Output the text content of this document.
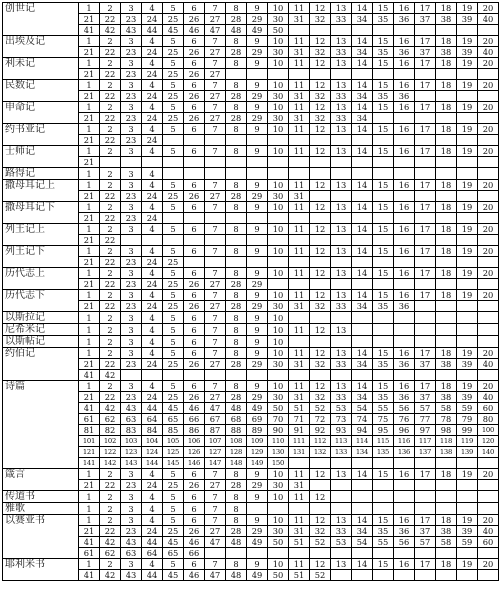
创世记	1	2	3	4	5	6	7	8	9	10	11	12	13	14	15	16	17	18	19	20
	21	22	23	24	25	26	27	28	29	30	31	32	33	34	35	36	37	38	39	40
	41	42	43	44	45	46	47	48	49	50										
出埃及记	1	2	3	4	5	6	7	8	9	10	11	12	13	14	15	16	17	18	19	20
	21	22	23	24	25	26	27	28	29	30	31	32	33	34	35	36	37	38	39	40
利未记	1	2	3	4	5	6	7	8	9	10	11	12	13	14	15	16	17	18	19	20
	21	22	23	24	25	26	27													
民数记	1	2	3	4	5	6	7	8	9	10	11	12	13	14	15	16	17	18	19	20
	21	22	23	24	25	26	27	28	29	30	31	32	33	34	35	36				
申命记	1	2	3	4	5	6	7	8	9	10	11	12	13	14	15	16	17	18	19	20
	21	22	23	24	25	26	27	28	29	30	31	32	33	34						
约书亚记	1	2	3	4	5	6	7	8	9	10	11	12	13	14	15	16	17	18	19	20
	21	22	23	24																
士师记	1	2	3	4	5	6	7	8	9	10	11	12	13	14	15	16	17	18	19	20
	21																			
路得记	1	2	3	4																
撒母耳记上	1	2	3	4	5	6	7	8	9	10	11	12	13	14	15	16	17	18	19	20
	21	22	23	24	25	26	27	28	29	30	31									
撒母耳记下	1	2	3	4	5	6	7	8	9	10	11	12	13	14	15	16	17	18	19	20
	21	22	23	24																
列王记上	1	2	3	4	5	6	7	8	9	10	11	12	13	14	15	16	17	18	19	20
	21	22																		
列王记下	1	2	3	4	5	6	7	8	9	10	11	12	13	14	15	16	17	18	19	20
	21	22	23	24	25															
历代志上	1	2	3	4	5	6	7	8	9	10	11	12	13	14	15	16	17	18	19	20
	21	22	23	24	25	26	27	28	29											
历代志下	1	2	3	4	5	6	7	8	9	10	11	12	13	14	15	16	17	18	19	20
	21	22	23	24	25	26	27	28	29	30	31	32	33	34	35	36				
以斯拉记	1	2	3	4	5	6	7	8	9	10										
尼希米记	1	2	3	4	5	6	7	8	9	10	11	12	13							
以斯帖记	1	2	3	4	5	6	7	8	9	10										
约伯记	1	2	3	4	5	6	7	8	9	10	11	12	13	14	15	16	17	18	19	20
	21	22	23	24	25	26	27	28	29	30	31	32	33	34	35	36	37	38	39	40
	41	42																		
诗篇	1	2	3	4	5	6	7	8	9	10	11	12	13	14	15	16	17	18	19	20
	21	22	23	24	25	26	27	28	29	30	31	32	33	34	35	36	37	38	39	40
	41	42	43	44	45	46	47	48	49	50	51	52	53	54	55	56	57	58	59	60
	61	62	63	64	65	66	67	68	69	70	71	72	73	74	75	76	77	78	79	80
	81	82	83	84	85	86	87	88	89	90	91	92	93	94	95	96	97	98	99	100
	101	102	103	104	105	106	107	108	109	110	111	112	113	114	115	116	117	118	119	120
	121	122	123	124	125	126	127	128	129	130	131	132	133	134	135	136	137	138	139	140
	141	142	143	144	145	146	147	148	149	150										
箴言	1	2	3	4	5	6	7	8	9	10	11	12	13	14	15	16	17	18	19	20
	21	22	23	24	25	26	27	28	29	30	31									
传道书	1	2	3	4	5	6	7	8	9	10	11	12								
雅歌	1	2	3	4	5	6	7	8												
以赛亚书	1	2	3	4	5	6	7	8	9	10	11	12	13	14	15	16	17	18	19	20
	21	22	23	24	25	26	27	28	29	30	31	32	33	34	35	36	37	38	39	40
	41	42	43	44	45	46	47	48	49	50	51	52	53	54	55	56	57	58	59	60
	61	62	63	64	65	66														
耶利米书	1	2	3	4	5	6	7	8	9	10	11	12	13	14	15	16	17	18	19	20
	41	42	43	44	45	46	47	48	49	50	51	52								
